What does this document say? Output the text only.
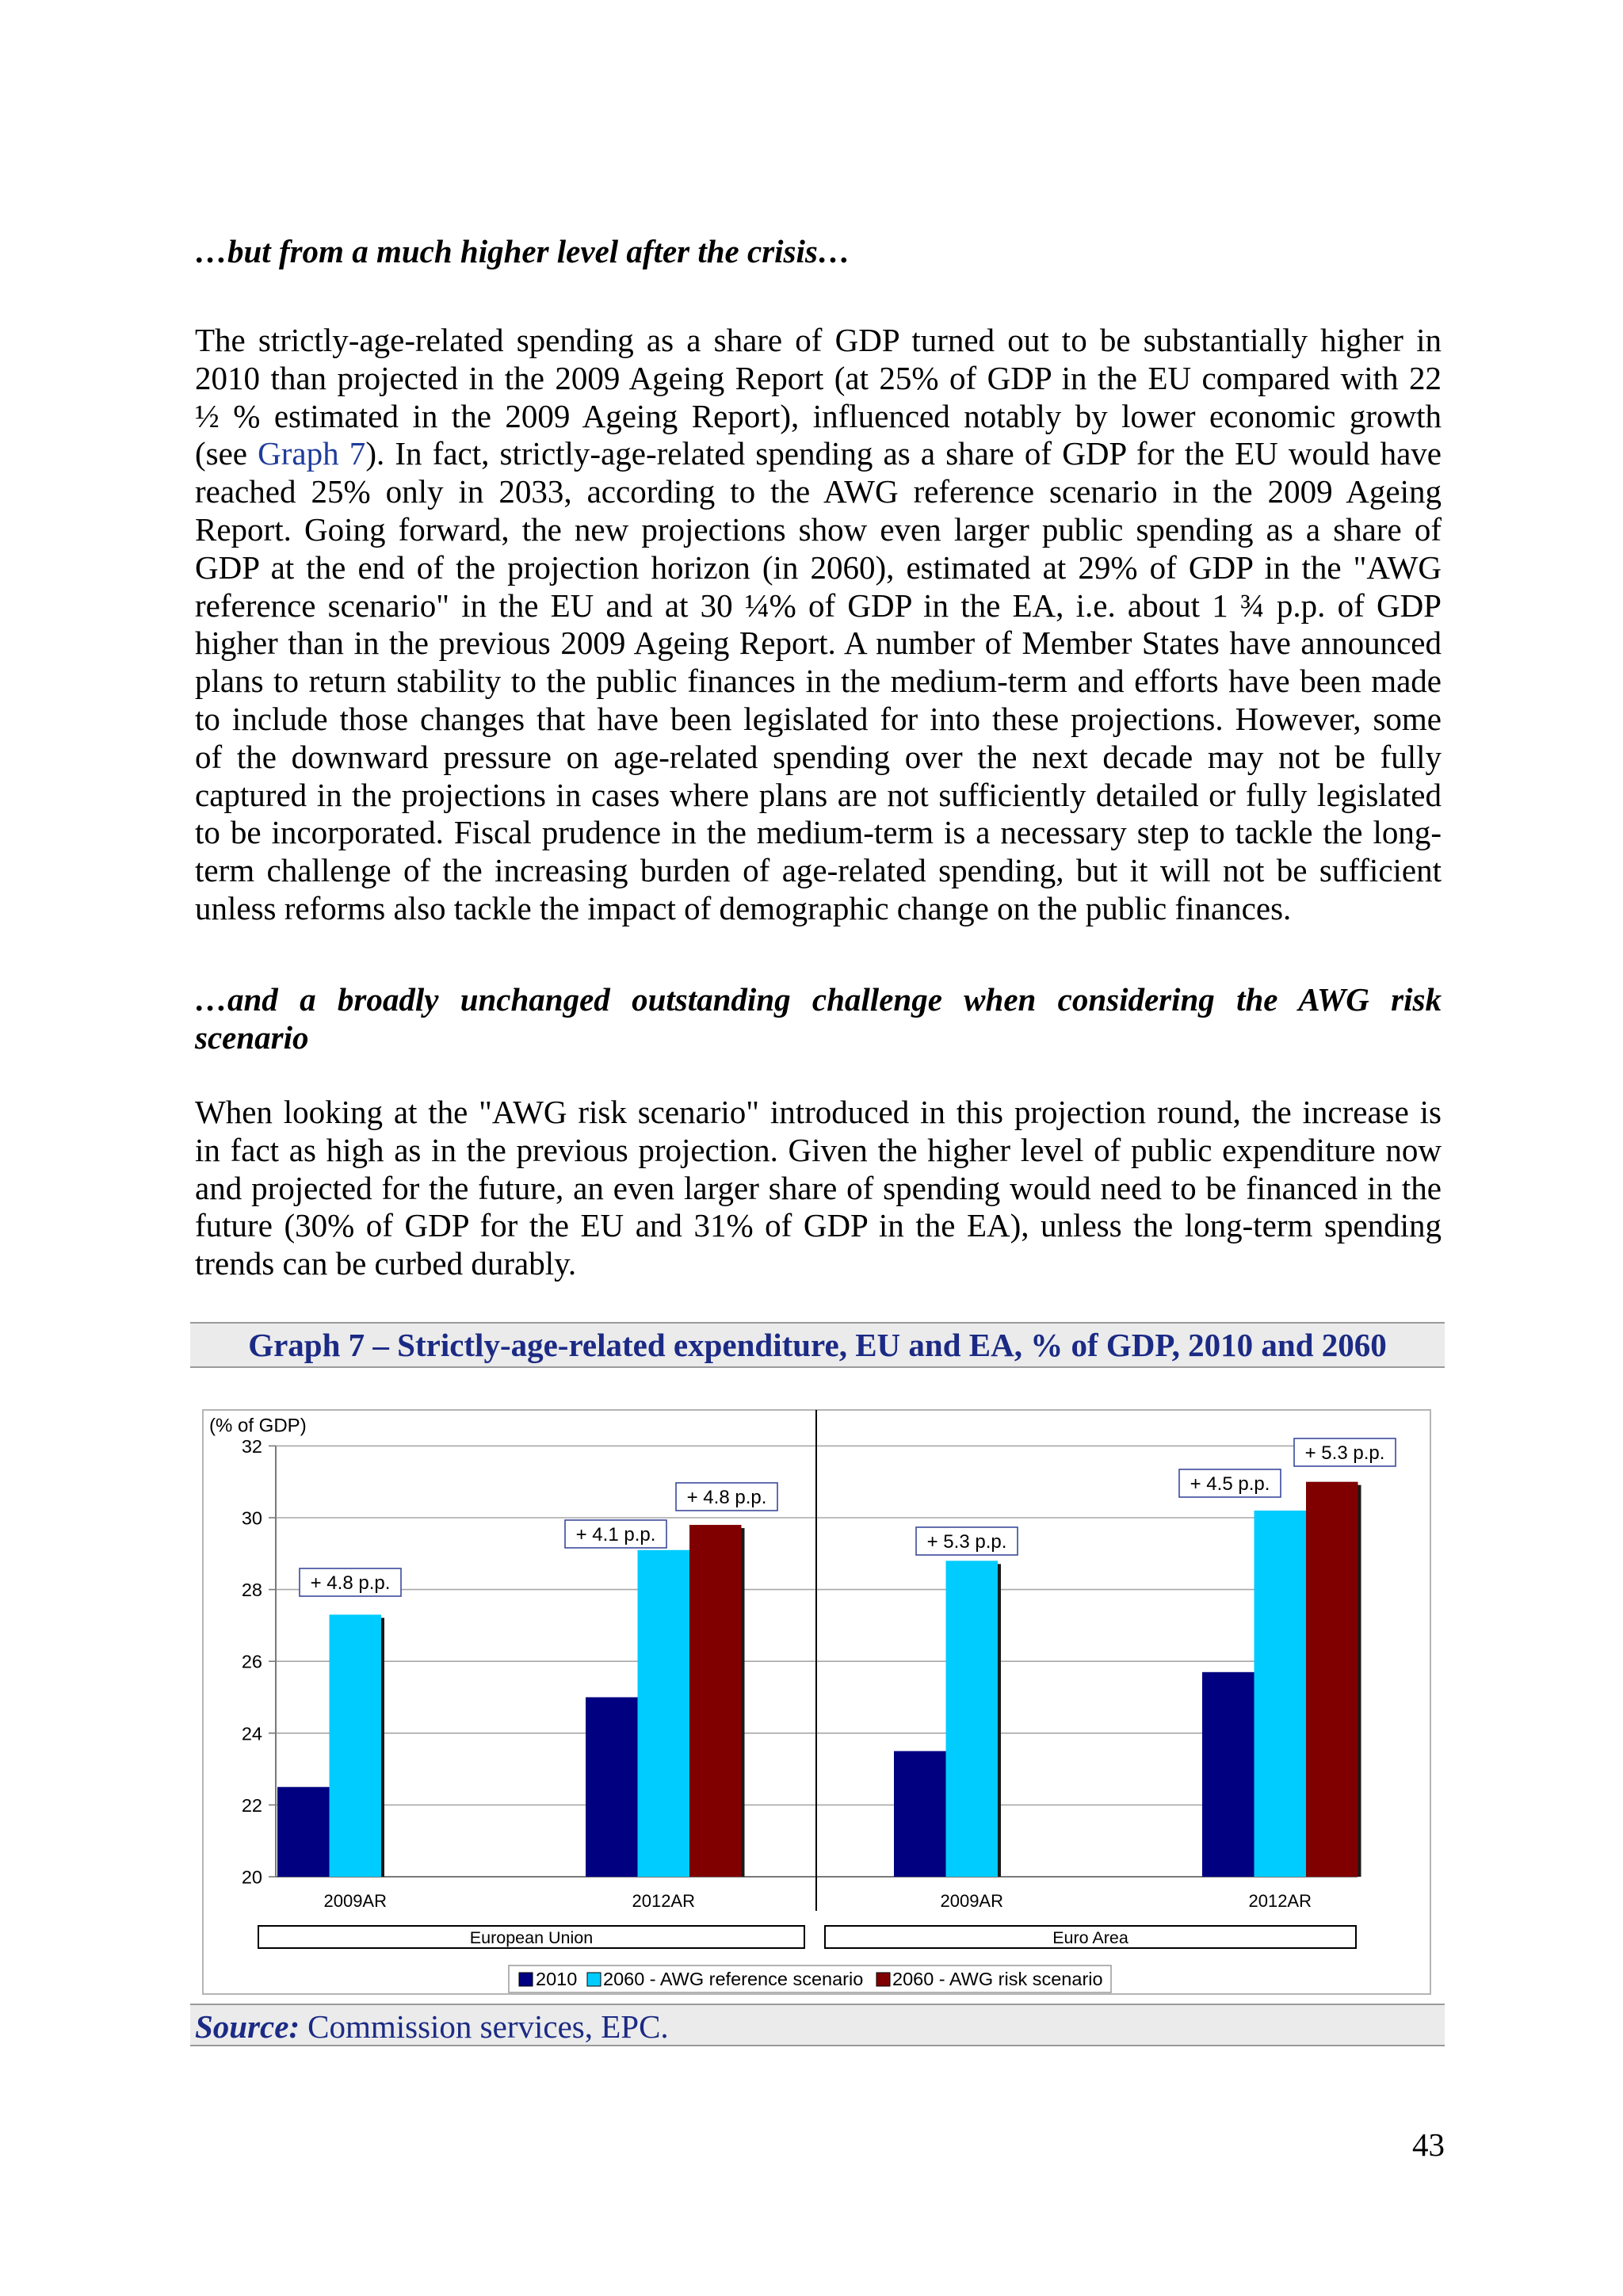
…but from a much higher level after the crisis…
The strictly-age-related spending as a share of GDP turned out to be substantially higher in
2010 than projected in the 2009 Ageing Report (at 25% of GDP in the EU compared with 22
½ % estimated in the 2009 Ageing Report), influenced notably by lower economic growth
(see Graph 7). In fact, strictly-age-related spending as a share of GDP for the EU would have
reached 25% only in 2033, according to the AWG reference scenario in the 2009 Ageing
Report. Going forward, the new projections show even larger public spending as a share of
GDP at the end of the projection horizon (in 2060), estimated at 29% of GDP in the "AWG
reference scenario" in the EU and at 30 ¼% of GDP in the EA, i.e. about 1 ¾ p.p. of GDP
higher than in the previous 2009 Ageing Report. A number of Member States have announced
plans to return stability to the public finances in the medium-term and efforts have been made
to include those changes that have been legislated for into these projections. However, some
of the downward pressure on age-related spending over the next decade may not be fully
captured in the projections in cases where plans are not sufficiently detailed or fully legislated
to be incorporated. Fiscal prudence in the medium-term is a necessary step to tackle the long-
term challenge of the increasing burden of age-related spending, but it will not be sufficient
unless reforms also tackle the impact of demographic change on the public finances.
…and a broadly unchanged outstanding challenge when considering the AWG risk
scenario
When looking at the "AWG risk scenario" introduced in this projection round, the increase is
in fact as high as in the previous projection. Given the higher level of public expenditure now
and projected for the future, an even larger share of spending would need to be financed in the
future (30% of GDP for the EU and 31% of GDP in the EA), unless the long-term spending
trends can be curbed durably.
Graph 7 – Strictly-age-related expenditure, EU and EA, % of GDP, 2010 and 2060
(% of GDP)
20
22
24
26
28
30
32
2009AR	2012AR	2009AR	2012AR
European Union	Euro Area
+ 4.8 p.p.
+ 4.1 p.p.
+ 4.8 p.p.
+ 5.3 p.p.
+ 4.5 p.p.
+ 5.3 p.p.
2010 2060 - AWG reference scenario 2060 - AWG risk scenario
Source: Commission services, EPC.
43
